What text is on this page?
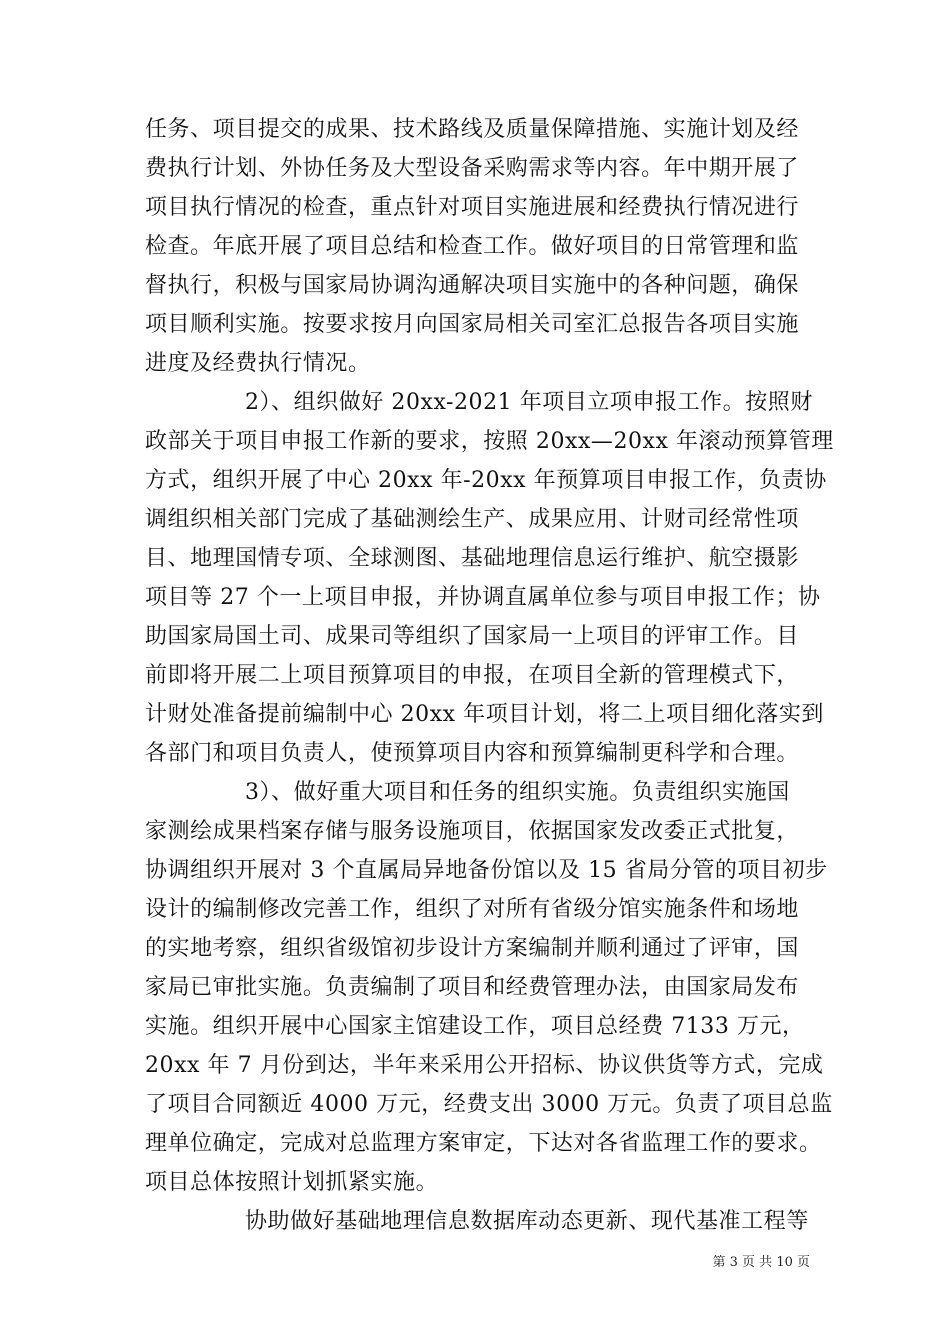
任务、项目提交的成果、技术路线及质量保障措施、实施计划及经
费执行计划、外协任务及大型设备采购需求等内容。年中期开展了
项目执行情况的检查，重点针对项目实施进展和经费执行情况进行
检查。年底开展了项目总结和检查工作。做好项目的日常管理和监
督执行，积极与国家局协调沟通解决项目实施中的各种问题，确保
项目顺利实施。按要求按月向国家局相关司室汇总报告各项目实施
进度及经费执行情况。
2）、组织做好 20xx-2021 年项目立项申报工作。按照财
政部关于项目申报工作新的要求，按照 20xx—20xx 年滚动预算管理
方式，组织开展了中心 20xx 年-20xx 年预算项目申报工作，负责协
调组织相关部门完成了基础测绘生产、成果应用、计财司经常性项
目、地理国情专项、全球测图、基础地理信息运行维护、航空摄影
项目等 27 个一上项目申报，并协调直属单位参与项目申报工作；协
助国家局国土司、成果司等组织了国家局一上项目的评审工作。目
前即将开展二上项目预算项目的申报，在项目全新的管理模式下，
计财处准备提前编制中心 20xx 年项目计划，将二上项目细化落实到
各部门和项目负责人，使预算项目内容和预算编制更科学和合理。
3）、做好重大项目和任务的组织实施。负责组织实施国
家测绘成果档案存储与服务设施项目，依据国家发改委正式批复，
协调组织开展对 3 个直属局异地备份馆以及 15 省局分管的项目初步
设计的编制修改完善工作，组织了对所有省级分馆实施条件和场地
的实地考察，组织省级馆初步设计方案编制并顺利通过了评审，国
家局已审批实施。负责编制了项目和经费管理办法，由国家局发布
实施。组织开展中心国家主馆建设工作，项目总经费 7133 万元，
20xx 年 7 月份到达，半年来采用公开招标、协议供货等方式，完成
了项目合同额近 4000 万元，经费支出 3000 万元。负责了项目总监
理单位确定，完成对总监理方案审定，下达对各省监理工作的要求。
项目总体按照计划抓紧实施。
协助做好基础地理信息数据库动态更新、现代基准工程等
第 3 页 共 10 页
